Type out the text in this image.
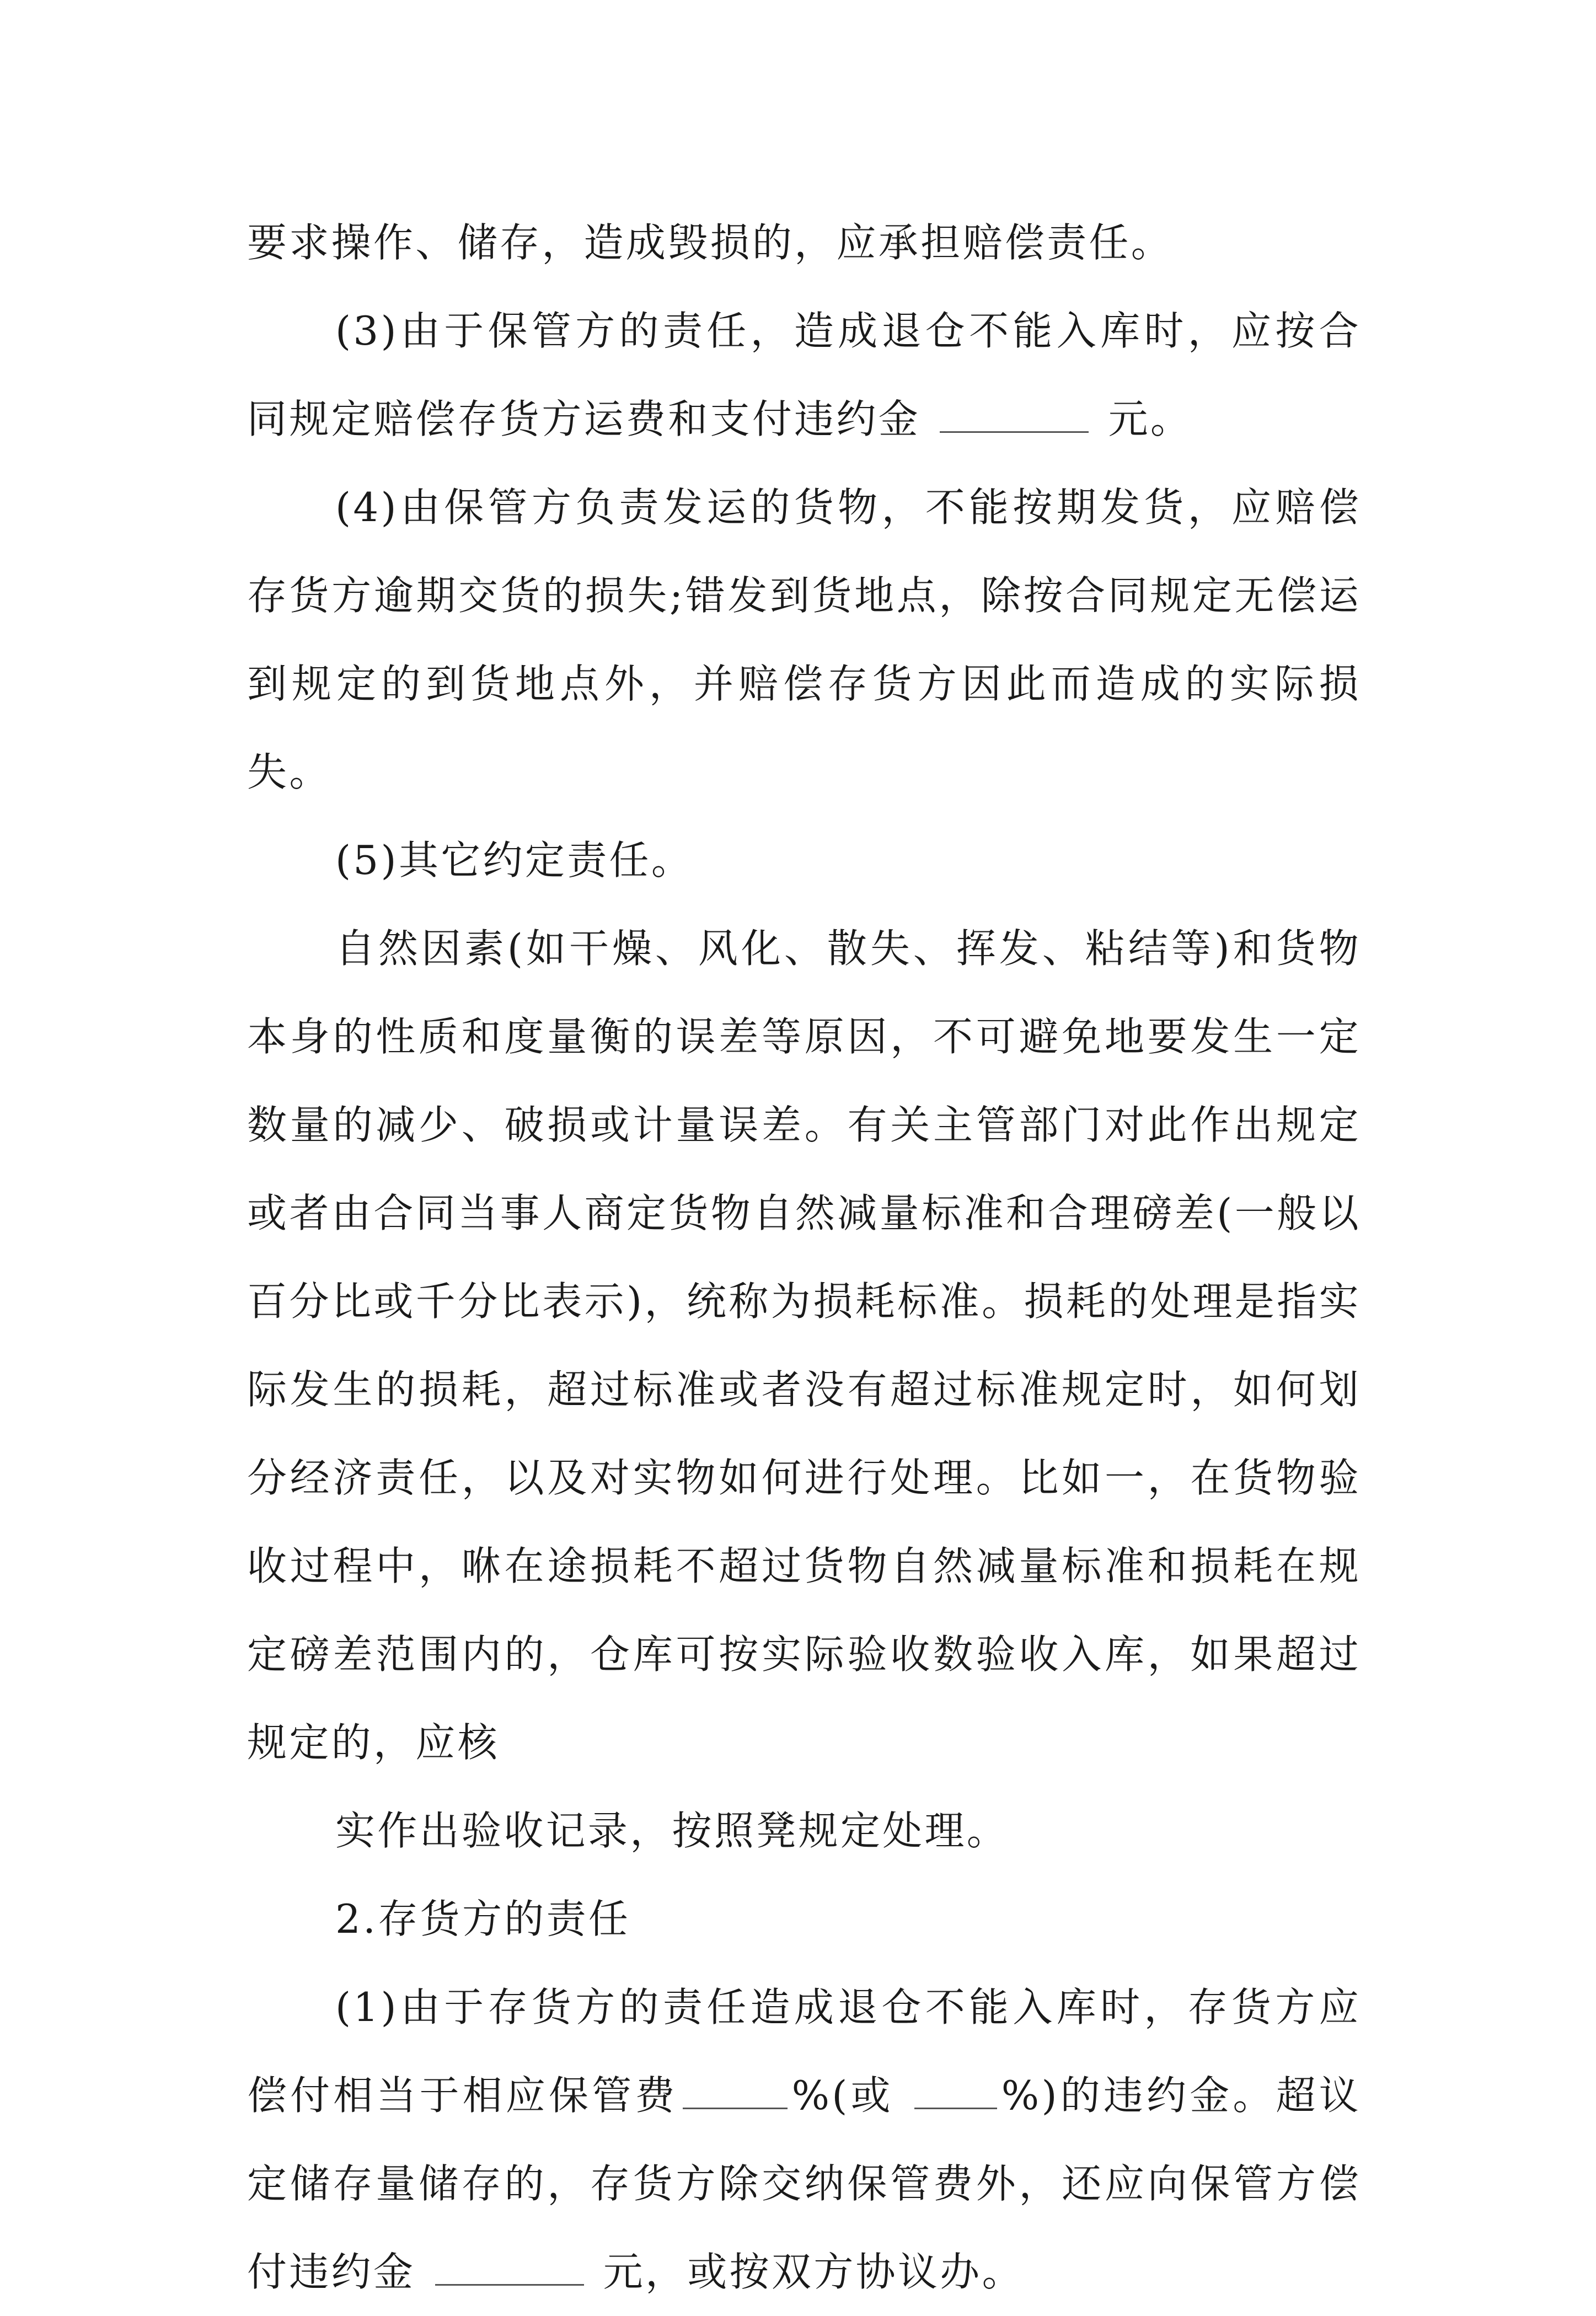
要求操作、储存，造成毁损的，应承担赔偿责任。

(3)由于保管方的责任，造成退仓不能入库时，应按合同规定赔偿存货方运费和支付违约金	元。

(4)由保管方负责发运的货物，不能按期发货，应赔偿存货方逾期交货的损失;错发到货地点，除按合同规定无偿运到规定的到货地点外，并赔偿存货方因此而造成的实际损失。

(5)其它约定责任。

自然因素(如干燥、风化、散失、挥发、粘结等)和货物本身的性质和度量衡的误差等原因，不可避免地要发生一定数量的减少、破损或计量误差。有关主管部门对此作出规定或者由合同当事人商定货物自然减量标准和合理磅差(一般以百分比或千分比表示)，统称为损耗标准。损耗的处理是指实际发生的损耗，超过标准或者没有超过标准规定时，如何划分经济责任，以及对实物如何进行处理。比如一，在货物验收过程中，咻在途损耗不超过货物自然减量标准和损耗在规定磅差范围内的，仓库可按实际验收数验收入库，如果超过规定的，应核

实作出验收记录，按照凳规定处理。

2.存货方的责任

(1)由于存货方的责任造成退仓不能入库时，存货方应偿付相当于相应保管费	%(或	%)的违约金。超议定储存量储存的，存货方除交纳保管费外，还应向保管方偿付违约金	元，或按双方协议办。
